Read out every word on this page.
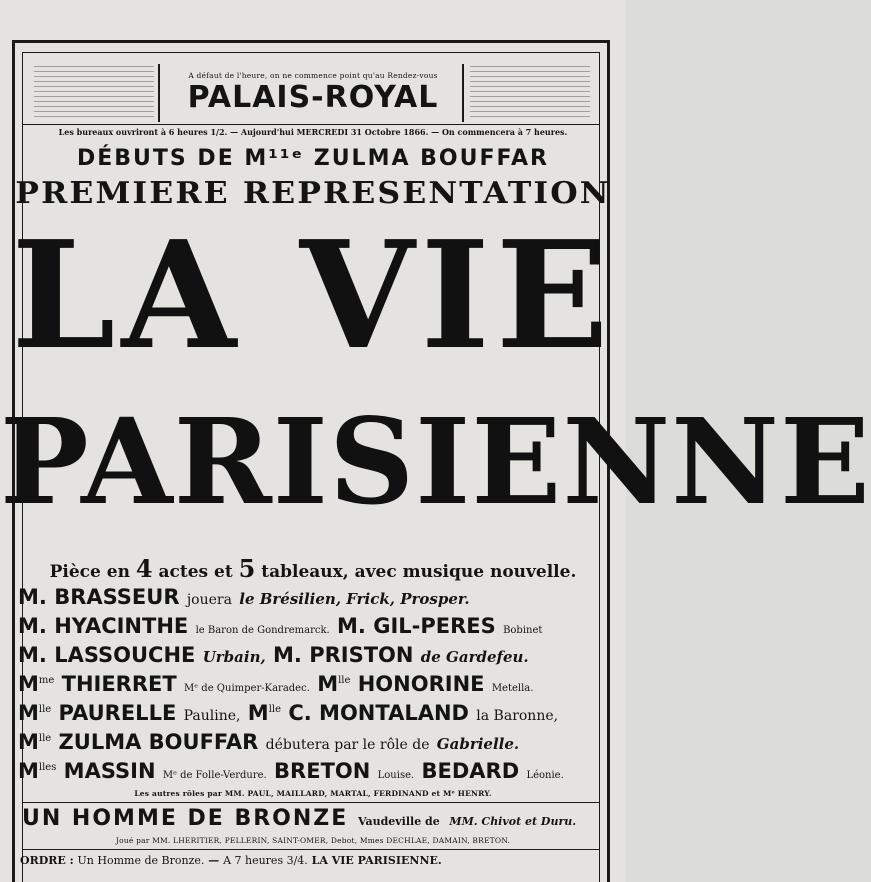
A défaut de l'heure, on ne commence point qu'au Rendez-vous
PALAIS-ROYAL
Les bureaux ouvriront à 6 heures 1/2. — Aujourd'hui MERCREDI 31 Octobre 1866. — On commencera à 7 heures.
DÉBUTS DE M¹¹ᵉ ZULMA BOUFFAR
PREMIERE REPRESENTATION
LA VIE
PARISIENNE
Pièce en 4 actes et 5 tableaux, avec musique nouvelle.
M. BRASSEUR jouera le Brésilien, Frick, Prosper.
M. HYACINTHE le Baron de Gondremarck. M. GIL-PERES Bobinet
M. LASSOUCHE Urbain, M. PRISTON de Gardefeu.
$M^{me}$ THIERRET Mᵉ de Quimper-Karadec. $M^{lle}$ HONORINE Metella.
$M^{lle}$ PAURELLE Pauline, $M^{lle}$ C. MONTALAND la Baronne,
$M^{lle}$ ZULMA BOUFFAR débutera par le rôle de Gabrielle.
$M^{lles}$ MASSIN Mᵉ de Folle-Verdure. BRETON Louise. BEDARD Léonie.
Les autres rôles par MM. PAUL, MAILLARD, MARTAL, FERDINAND et Mᵉ HENRY.
UN HOMME DE BRONZE Vaudeville de MM. Chivot et Duru.
Joué par MM. LHERITIER, PELLERIN, SAINT-OMER, Debot, Mmes DECHLAE, DAMAIN, BRETON.
ORDRE : Un Homme de Bronze. — A 7 heures 3/4. LA VIE PARISIENNE.
